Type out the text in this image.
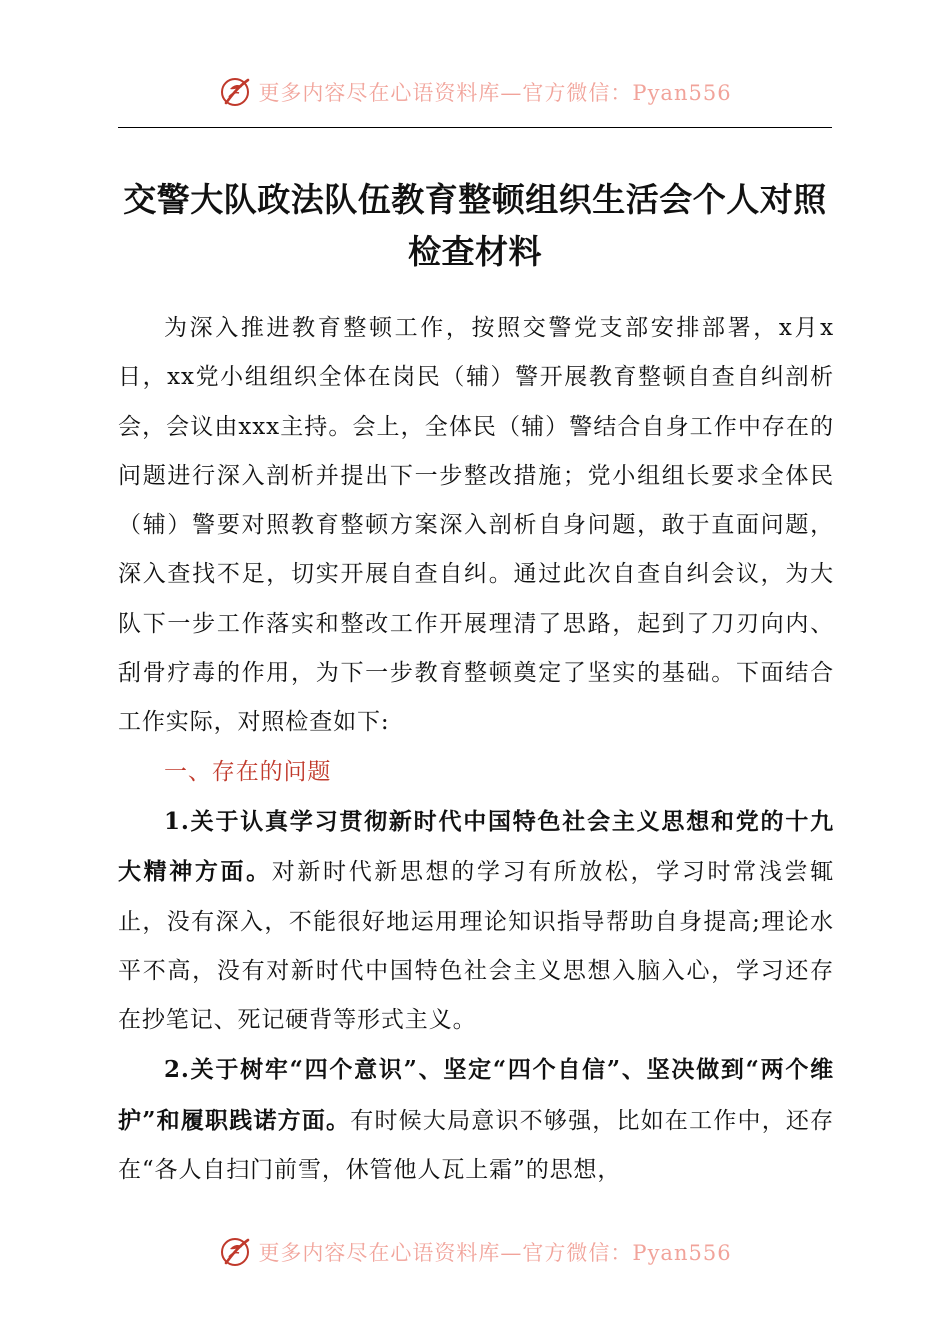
更多内容尽在心语资料库—官方微信：Pyan556
交警大队政法队伍教育整顿组织生活会个人对照检查材料

为深入推进教育整顿工作，按照交警党支部安排部署，x月x日，xx党小组组织全体在岗民（辅）警开展教育整顿自查自纠剖析会，会议由xxx主持。会上，全体民（辅）警结合自身工作中存在的问题进行深入剖析并提出下一步整改措施；党小组组长要求全体民（辅）警要对照教育整顿方案深入剖析自身问题，敢于直面问题，深入查找不足，切实开展自查自纠。通过此次自查自纠会议，为大队下一步工作落实和整改工作开展理清了思路，起到了刀刃向内、刮骨疗毒的作用，为下一步教育整顿奠定了坚实的基础。下面结合工作实际，对照检查如下:

一、存在的问题

1.关于认真学习贯彻新时代中国特色社会主义思想和党的十九大精神方面。对新时代新思想的学习有所放松，学习时常浅尝辄止，没有深入，不能很好地运用理论知识指导帮助自身提高;理论水平不高，没有对新时代中国特色社会主义思想入脑入心，学习还存在抄笔记、死记硬背等形式主义。

2.关于树牢“四个意识”、坚定“四个自信”、坚决做到“两个维护”和履职践诺方面。有时候大局意识不够强，比如在工作中，还存在“各人自扫门前雪，休管他人瓦上霜”的思想，

更多内容尽在心语资料库—官方微信：Pyan556
